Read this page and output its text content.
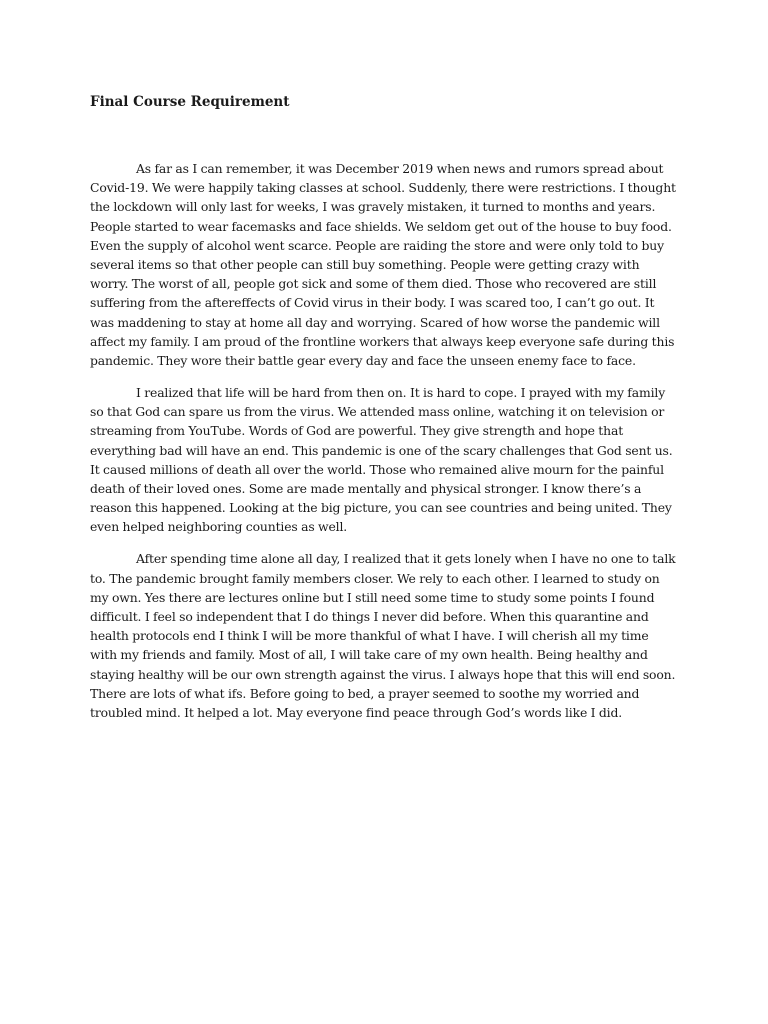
Final Course Requirement

As far as I can remember, it was December 2019 when news and rumors spread about Covid-19. We were happily taking classes at school. Suddenly, there were restrictions. I thought the lockdown will only last for weeks, I was gravely mistaken, it turned to months and years. People started to wear facemasks and face shields. We seldom get out of the house to buy food. Even the supply of alcohol went scarce. People are raiding the store and were only told to buy several items so that other people can still buy something. People were getting crazy with worry. The worst of all, people got sick and some of them died. Those who recovered are still suffering from the aftereffects of Covid virus in their body. I was scared too, I can’t go out. It was maddening to stay at home all day and worrying. Scared of how worse the pandemic will affect my family. I am proud of the frontline workers that always keep everyone safe during this pandemic. They wore their battle gear every day and face the unseen enemy face to face.

I realized that life will be hard from then on. It is hard to cope. I prayed with my family so that God can spare us from the virus. We attended mass online, watching it on television or streaming from YouTube. Words of God are powerful. They give strength and hope that everything bad will have an end. This pandemic is one of the scary challenges that God sent us. It caused millions of death all over the world. Those who remained alive mourn for the painful death of their loved ones. Some are made mentally and physical stronger. I know there’s a reason this happened. Looking at the big picture, you can see countries and being united. They even helped neighboring counties as well.

After spending time alone all day, I realized that it gets lonely when I have no one to talk to. The pandemic brought family members closer. We rely to each other. I learned to study on my own. Yes there are lectures online but I still need some time to study some points I found difficult. I feel so independent that I do things I never did before. When this quarantine and health protocols end I think I will be more thankful of what I have. I will cherish all my time with my friends and family. Most of all, I will take care of my own health. Being healthy and staying healthy will be our own strength against the virus. I always hope that this will end soon. There are lots of what ifs. Before going to bed, a prayer seemed to soothe my worried and troubled mind. It helped a lot. May everyone find peace through God’s words like I did.
